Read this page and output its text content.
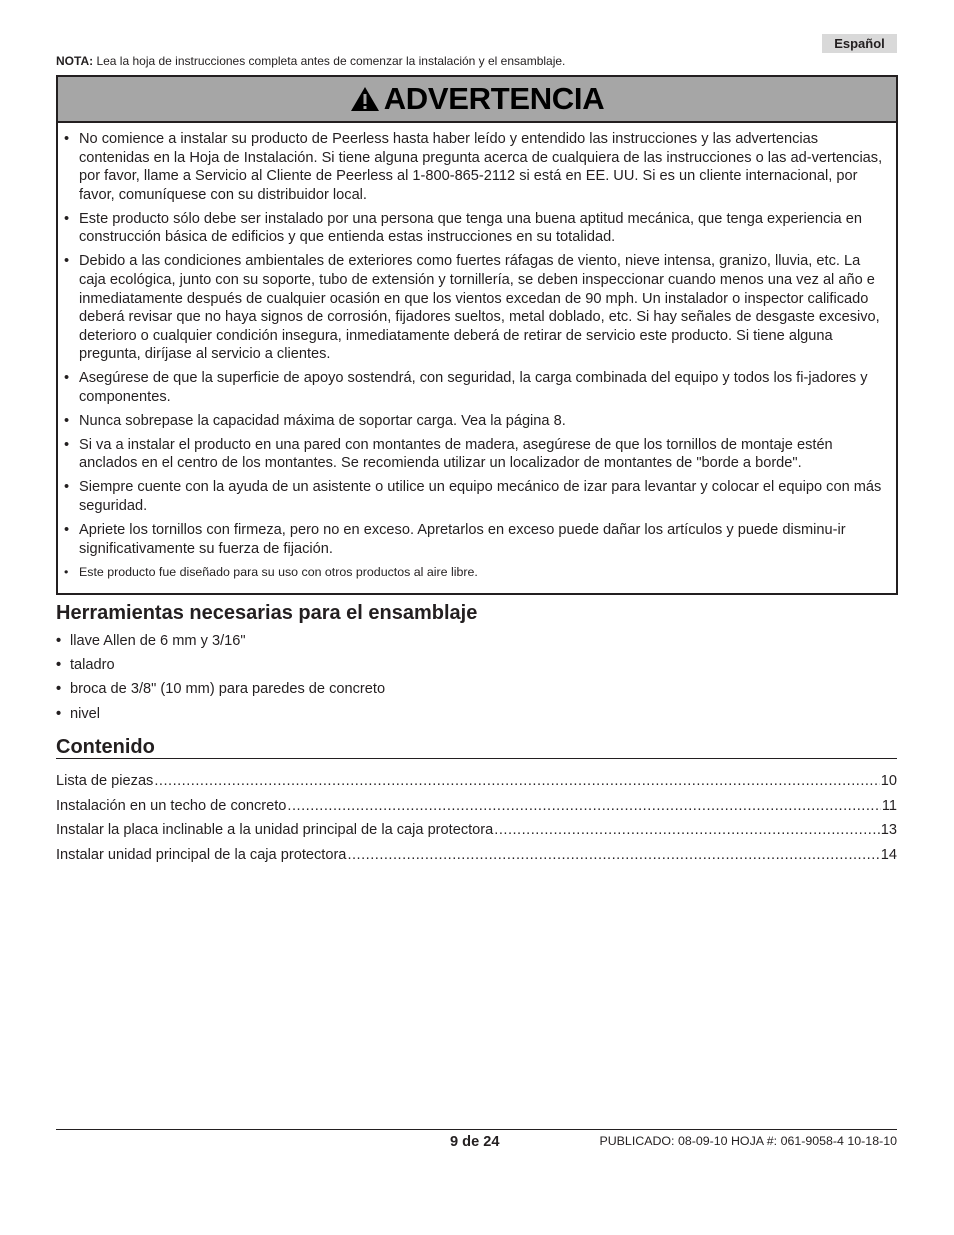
Español
NOTA: Lea la hoja de instrucciones completa antes de comenzar la instalación y el ensamblaje.
ADVERTENCIA
• No comience a instalar su producto de Peerless hasta haber leído y entendido las instrucciones y las advertencias contenidas en la Hoja de Instalación. Si tiene alguna pregunta acerca de cualquiera de las instrucciones o las ad-vertencias, por favor, llame a Servicio al Cliente de Peerless al 1-800-865-2112 si está en EE. UU. Si es un cliente internacional, por favor, comuníquese con su distribuidor local.
• Este producto sólo debe ser instalado por una persona que tenga una buena aptitud mecánica, que tenga experiencia en construcción básica de edificios y que entienda estas instrucciones en su totalidad.
• Debido a las condiciones ambientales de exteriores como fuertes ráfagas de viento, nieve intensa, granizo, lluvia, etc. La caja ecológica, junto con su soporte, tubo de extensión y tornillería, se deben inspeccionar cuando menos una vez al año e inmediatamente después de cualquier ocasión en que los vientos excedan de 90 mph. Un instalador o inspector calificado deberá revisar que no haya signos de corrosión, fijadores sueltos, metal doblado, etc. Si hay señales de desgaste excesivo, deterioro o cualquier condición insegura, inmediatamente deberá de retirar de servicio este producto. Si tiene alguna pregunta, diríjase al servicio a clientes.
• Asegúrese de que la superficie de apoyo sostendrá, con seguridad, la carga combinada del equipo y todos los fi-jadores y componentes.
• Nunca sobrepase la capacidad máxima de soportar carga. Vea la página 8.
• Si va a instalar el producto en una pared con montantes de madera, asegúrese de que los tornillos de montaje estén anclados en el centro de los montantes. Se recomienda utilizar un localizador de montantes de "borde a borde".
• Siempre cuente con la ayuda de un asistente o utilice un equipo mecánico de izar para levantar y colocar el equipo con más seguridad.
• Apriete los tornillos con firmeza, pero no en exceso. Apretarlos en exceso puede dañar los artículos y puede disminu-ir significativamente su fuerza de fijación.
• Este producto fue diseñado para su uso con otros productos al aire libre.
Herramientas necesarias para el ensamblaje
• llave Allen de 6 mm y 3/16"
• taladro
• broca de 3/8" (10 mm) para paredes de concreto
• nivel
Contenido
Lista de piezas .....	10
Instalación en un techo de concreto .....	11
Instalar la placa inclinable a la unidad principal de la caja protectora .....	13
Instalar unidad principal de la caja protectora .....	14
9 de 24	PUBLICADO: 08-09-10 HOJA #: 061-9058-4 10-18-10
